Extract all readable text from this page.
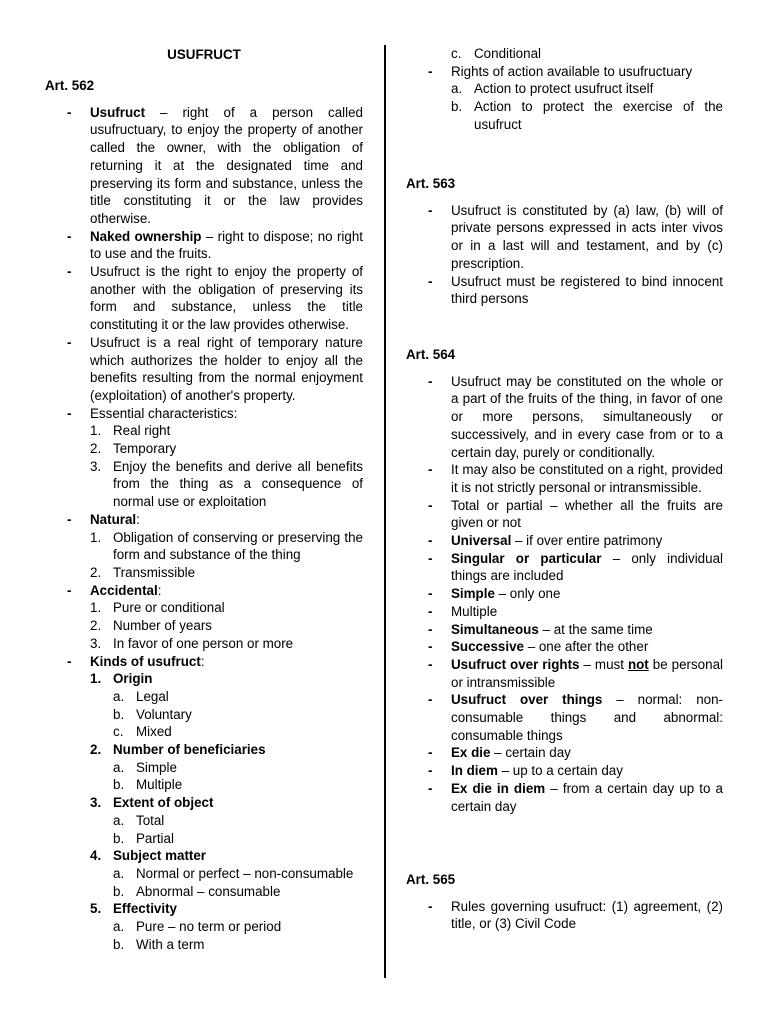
USUFRUCT

Art. 562

- Usufruct – right of a person called usufructuary, to enjoy the property of another called the owner, with the obligation of returning it at the designated time and preserving its form and substance, unless the title constituting it or the law provides otherwise.
- Naked ownership – right to dispose; no right to use and the fruits.
- Usufruct is the right to enjoy the property of another with the obligation of preserving its form and substance, unless the title constituting it or the law provides otherwise.
- Usufruct is a real right of temporary nature which authorizes the holder to enjoy all the benefits resulting from the normal enjoyment (exploitation) of another's property.
- Essential characteristics:
1. Real right
2. Temporary
3. Enjoy the benefits and derive all benefits from the thing as a consequence of normal use or exploitation
- Natural:
1. Obligation of conserving or preserving the form and substance of the thing
2. Transmissible
- Accidental:
1. Pure or conditional
2. Number of years
3. In favor of one person or more
- Kinds of usufruct:
1. Origin
a. Legal
b. Voluntary
c. Mixed
2. Number of beneficiaries
a. Simple
b. Multiple
3. Extent of object
a. Total
b. Partial
4. Subject matter
a. Normal or perfect – non-consumable
b. Abnormal – consumable
5. Effectivity
a. Pure – no term or period
b. With a term
c. Conditional
- Rights of action available to usufructuary
a. Action to protect usufruct itself
b. Action to protect the exercise of the usufruct

Art. 563

- Usufruct is constituted by (a) law, (b) will of private persons expressed in acts inter vivos or in a last will and testament, and by (c) prescription.
- Usufruct must be registered to bind innocent third persons

Art. 564

- Usufruct may be constituted on the whole or a part of the fruits of the thing, in favor of one or more persons, simultaneously or successively, and in every case from or to a certain day, purely or conditionally.
- It may also be constituted on a right, provided it is not strictly personal or intransmissible.
- Total or partial – whether all the fruits are given or not
- Universal – if over entire patrimony
- Singular or particular – only individual things are included
- Simple – only one
- Multiple
- Simultaneous – at the same time
- Successive – one after the other
- Usufruct over rights – must not be personal or intransmissible
- Usufruct over things – normal: non-consumable things and abnormal: consumable things
- Ex die – certain day
- In diem – up to a certain day
- Ex die in diem – from a certain day up to a certain day

Art. 565

- Rules governing usufruct: (1) agreement, (2) title, or (3) Civil Code
